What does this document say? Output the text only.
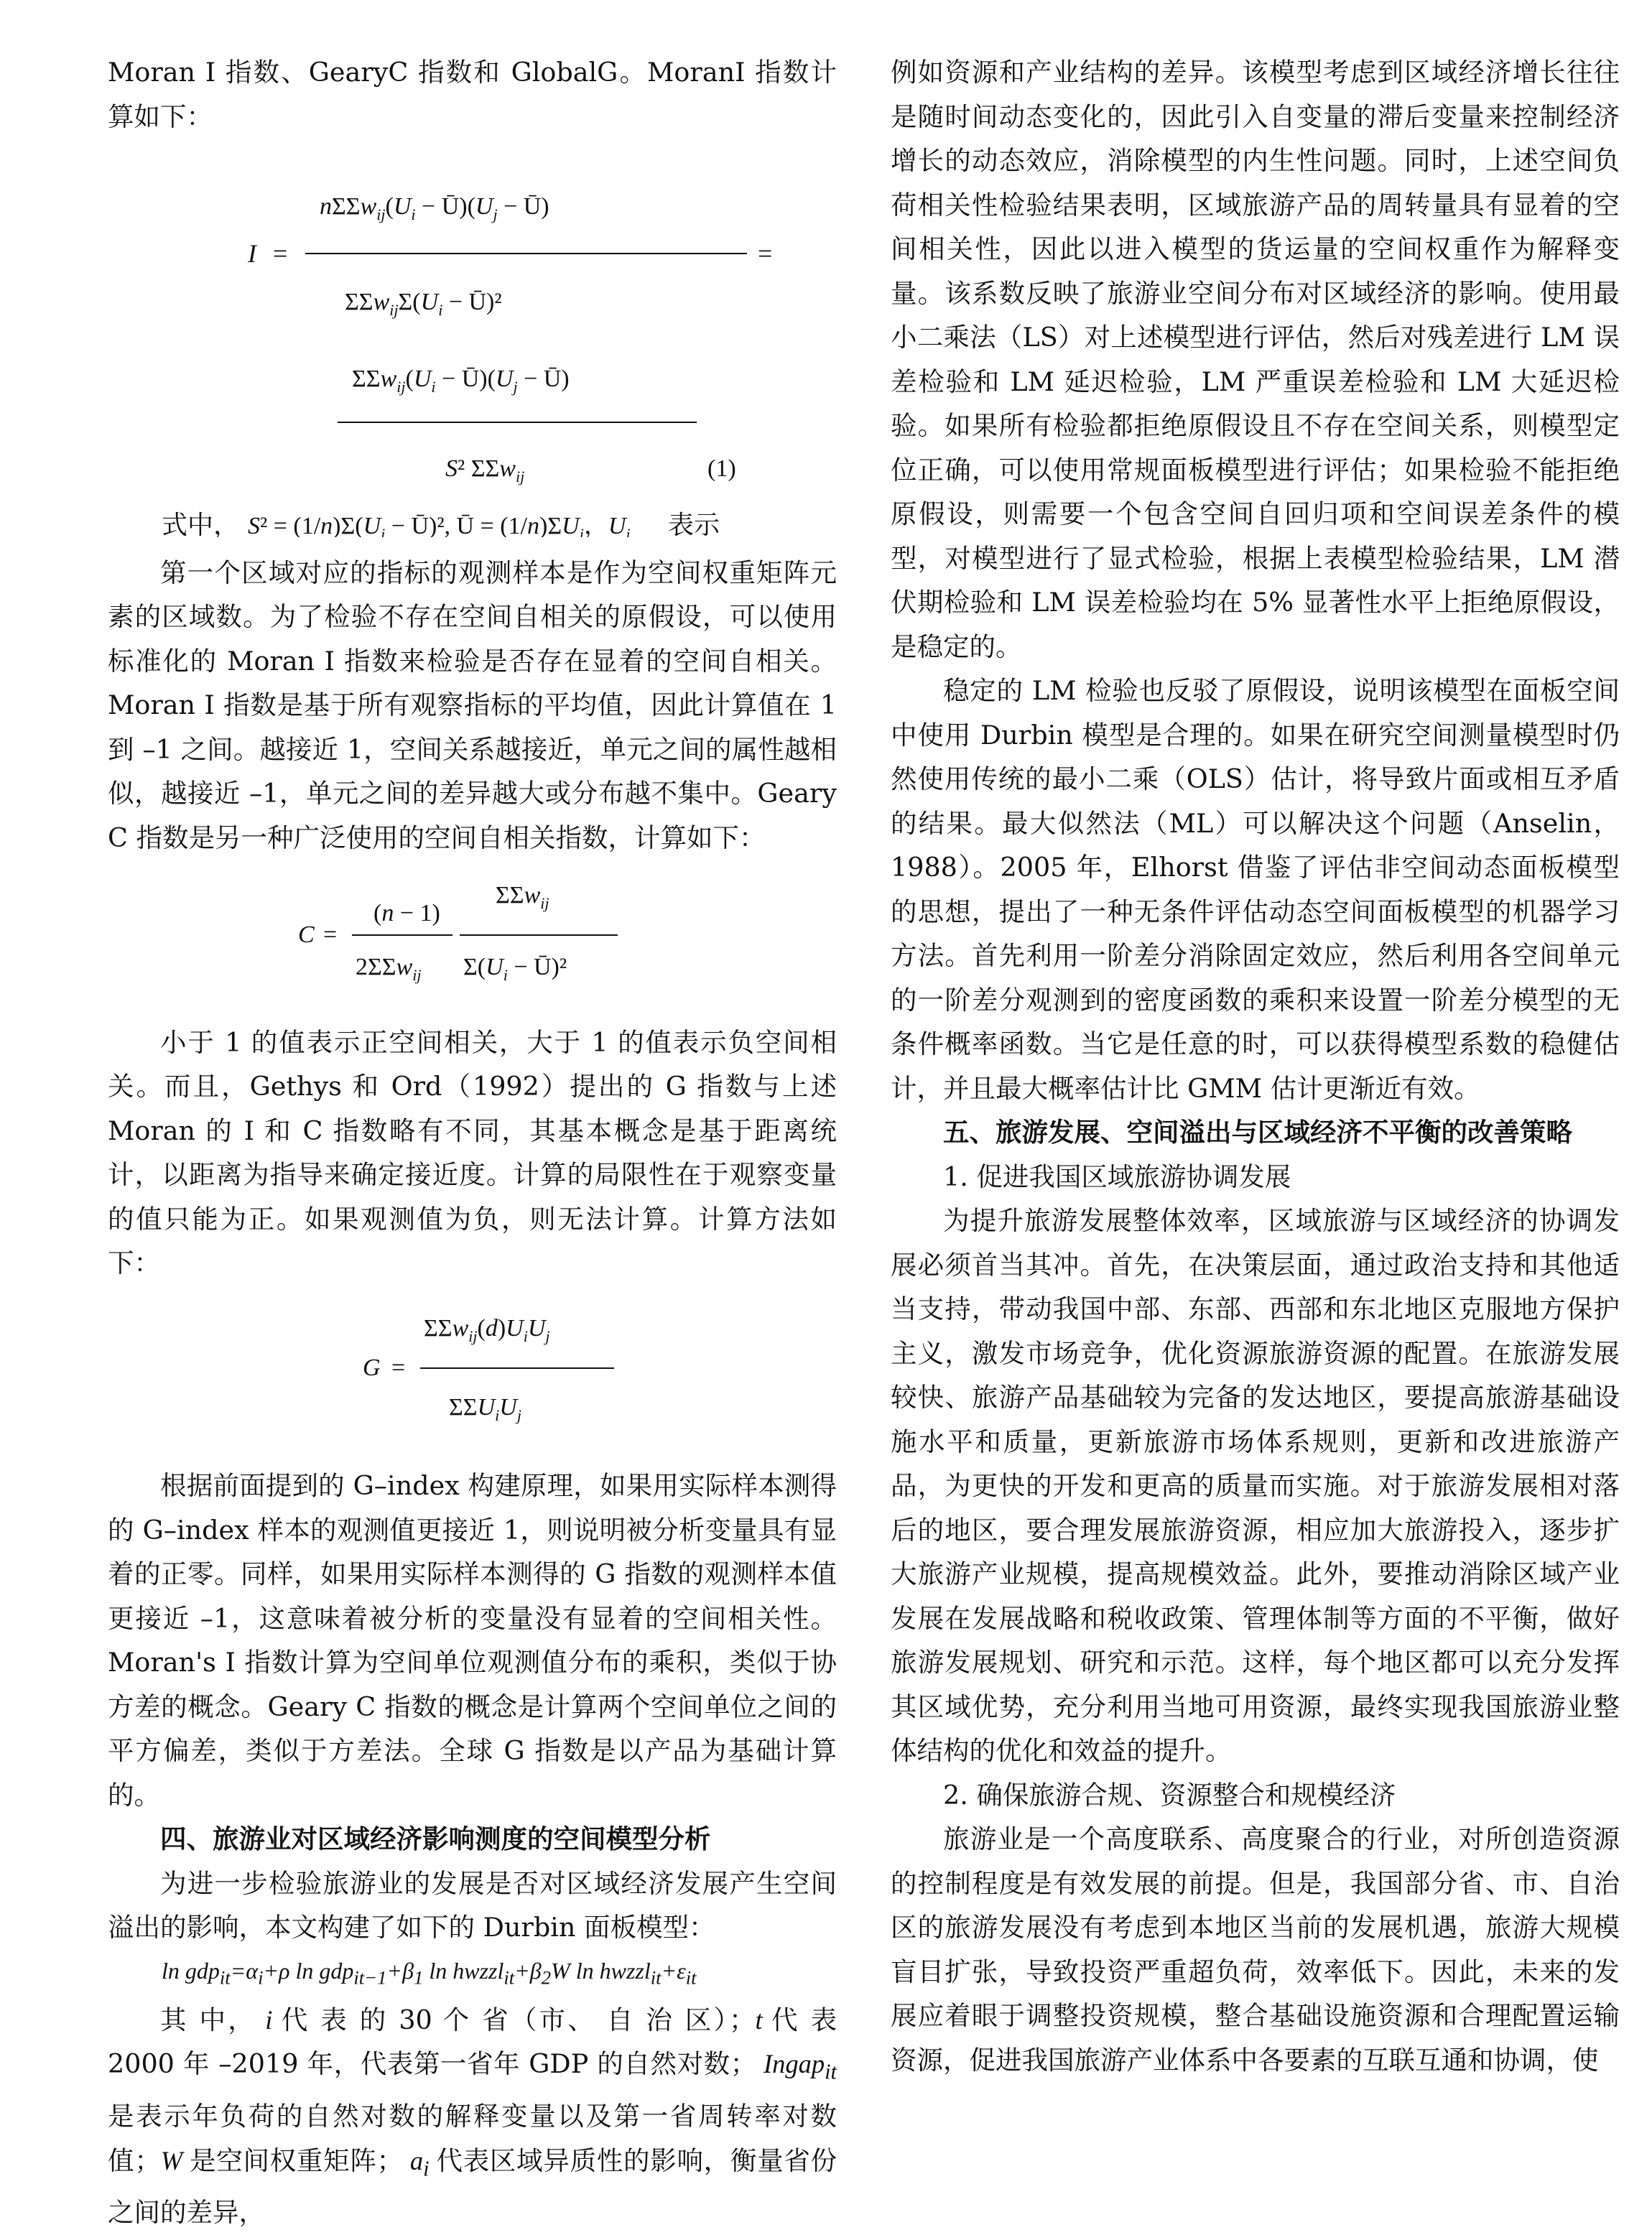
Moran I 指数、GearyC 指数和 GlobalG。MoranI 指数计算如下：

I =
$n\Sigma\Sigma w_{ij}(U_i$ − $Ū)(U_j$ − Ū)
$\Sigma\Sigma w_{ij}\Sigma(U_i$ − Ū)²
=
$\Sigma\Sigma w_{ij}(U_i$ − $Ū)(U_j$ − Ū)
S² ΣΣw$_{ij}$	(1)
式中， $S^2 = (1/n)\Sigma(U_i$ − Ū)², Ū = $(1/n)\Sigma U_i$，$U_i$ 表示

第一个区域对应的指标的观测样本是作为空间权重矩阵元素的区域数。为了检验不存在空间自相关的原假设，可以使用标准化的 Moran I 指数来检验是否存在显着的空间自相关。Moran I 指数是基于所有观察指标的平均值，因此计算值在 1 到 –1 之间。越接近 1，空间关系越接近，单元之间的属性越相似，越接近 –1，单元之间的差异越大或分布越不集中。Geary C 指数是另一种广泛使用的空间自相关指数，计算如下：

C =
(n − 1)
2ΣΣw$_{ij}$
ΣΣw$_{ij}$
$\Sigma(U_i$ − Ū)²

小于 1 的值表示正空间相关，大于 1 的值表示负空间相关。而且，Gethys 和 Ord（1992）提出的 G 指数与上述 Moran 的 I 和 C 指数略有不同，其基本概念是基于距离统计，以距离为指导来确定接近度。计算的局限性在于观察变量的值只能为正。如果观测值为负，则无法计算。计算方法如下：

G =
$\Sigma\Sigma w_{ij}(d)U_iU_j$
$\Sigma\Sigma U_iU_j$

根据前面提到的 G–index 构建原理，如果用实际样本测得的 G–index 样本的观测值更接近 1，则说明被分析变量具有显着的正零。同样，如果用实际样本测得的 G 指数的观测样本值更接近 –1，这意味着被分析的变量没有显着的空间相关性。Moran's I 指数计算为空间单位观测值分布的乘积，类似于协方差的概念。Geary C 指数的概念是计算两个空间单位之间的平方偏差，类似于方差法。全球 G 指数是以产品为基础计算的。

四、旅游业对区域经济影响测度的空间模型分析

为进一步检验旅游业的发展是否对区域经济发展产生空间溢出的影响，本文构建了如下的 Durbin 面板模型：

$\ln gdp_{it}=\alpha_i+\rho$ $\ln gdp_{it-1}+\beta_1$ $\ln hwzzl_{it}+\beta_2W$ $\ln hwzzl_{it}+\varepsilon_{it}$

其 中， i 代 表 的 30 个 省（市、 自 治 区）；t 代 表 2000 年 –2019 年，代表第一省年 GDP 的自然对数； Ingap$_{it}$ 是表示年负荷的自然对数的解释变量以及第一省周转率对数值；W 是空间权重矩阵； $a_i$ 代表区域异质性的影响，衡量省份之间的差异，

例如资源和产业结构的差异。该模型考虑到区域经济增长往往是随时间动态变化的，因此引入自变量的滞后变量来控制经济增长的动态效应，消除模型的内生性问题。同时，上述空间负荷相关性检验结果表明，区域旅游产品的周转量具有显着的空间相关性，因此以进入模型的货运量的空间权重作为解释变量。该系数反映了旅游业空间分布对区域经济的影响。使用最小二乘法（LS）对上述模型进行评估，然后对残差进行 LM 误差检验和 LM 延迟检验，LM 严重误差检验和 LM 大延迟检验。如果所有检验都拒绝原假设且不存在空间关系，则模型定位正确，可以使用常规面板模型进行评估；如果检验不能拒绝原假设，则需要一个包含空间自回归项和空间误差条件的模型，对模型进行了显式检验，根据上表模型检验结果，LM 潜伏期检验和 LM 误差检验均在 5% 显著性水平上拒绝原假设，是稳定的。

稳定的 LM 检验也反驳了原假设，说明该模型在面板空间中使用 Durbin 模型是合理的。如果在研究空间测量模型时仍然使用传统的最小二乘（OLS）估计，将导致片面或相互矛盾的结果。最大似然法（ML）可以解决这个问题（Anselin，1988）。2005 年，Elhorst 借鉴了评估非空间动态面板模型的思想，提出了一种无条件评估动态空间面板模型的机器学习方法。首先利用一阶差分消除固定效应，然后利用各空间单元的一阶差分观测到的密度函数的乘积来设置一阶差分模型的无条件概率函数。当它是任意的时，可以获得模型系数的稳健估计，并且最大概率估计比 GMM 估计更渐近有效。

五、旅游发展、空间溢出与区域经济不平衡的改善策略

1. 促进我国区域旅游协调发展

为提升旅游发展整体效率，区域旅游与区域经济的协调发展必须首当其冲。首先，在决策层面，通过政治支持和其他适当支持，带动我国中部、东部、西部和东北地区克服地方保护主义，激发市场竞争，优化资源旅游资源的配置。在旅游发展较快、旅游产品基础较为完备的发达地区，要提高旅游基础设施水平和质量，更新旅游市场体系规则，更新和改进旅游产品，为更快的开发和更高的质量而实施。对于旅游发展相对落后的地区，要合理发展旅游资源，相应加大旅游投入，逐步扩大旅游产业规模，提高规模效益。此外，要推动消除区域产业发展在发展战略和税收政策、管理体制等方面的不平衡，做好旅游发展规划、研究和示范。这样，每个地区都可以充分发挥其区域优势，充分利用当地可用资源，最终实现我国旅游业整体结构的优化和效益的提升。

2. 确保旅游合规、资源整合和规模经济

旅游业是一个高度联系、高度聚合的行业，对所创造资源的控制程度是有效发展的前提。但是，我国部分省、市、自治区的旅游发展没有考虑到本地区当前的发展机遇，旅游大规模盲目扩张，导致投资严重超负荷，效率低下。因此，未来的发展应着眼于调整投资规模，整合基础设施资源和合理配置运输资源，促进我国旅游产业体系中各要素的互联互通和协调，使
